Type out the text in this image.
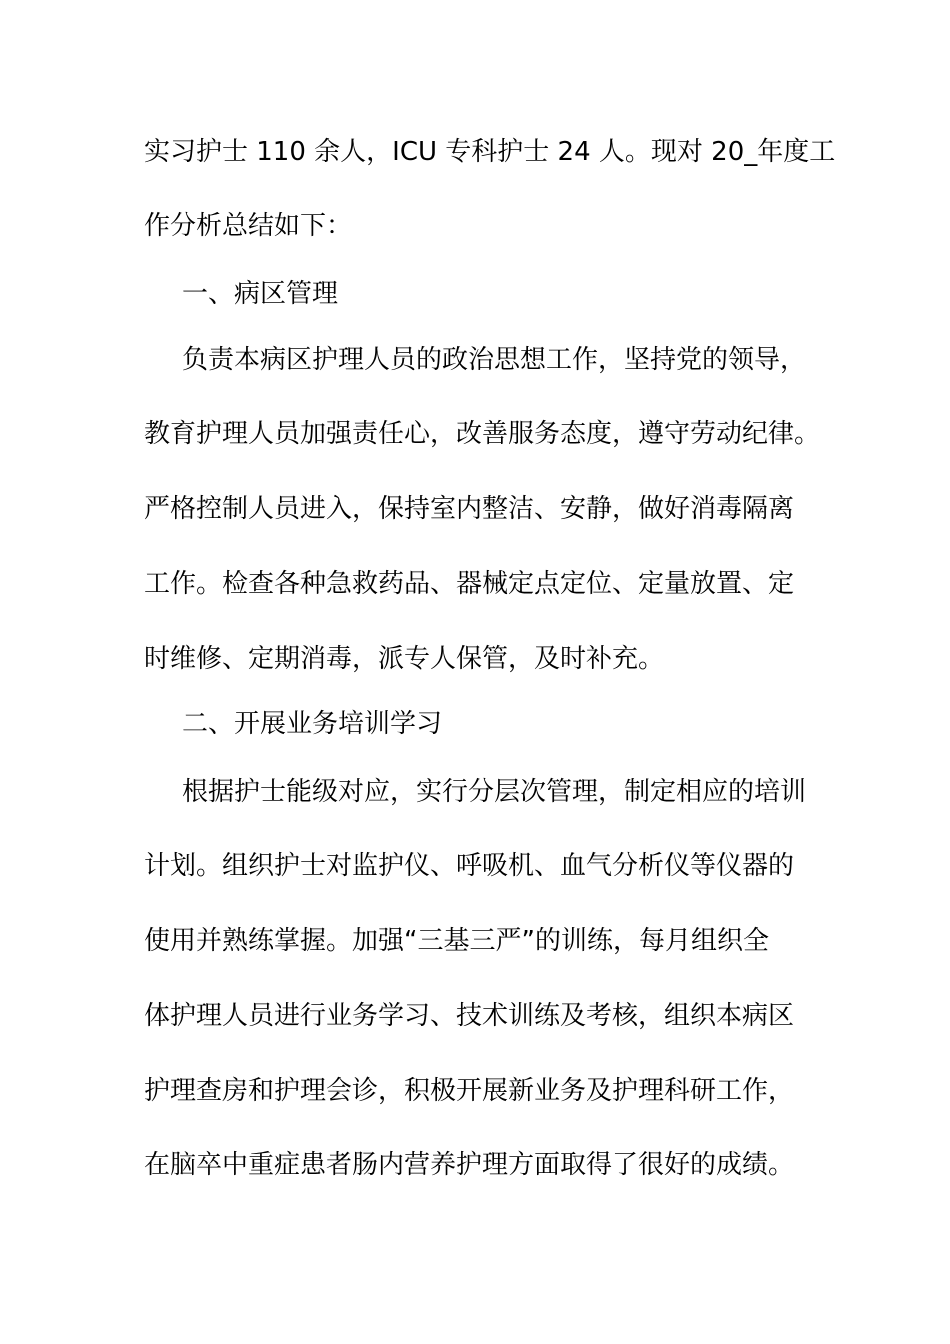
实习护士 110 余人，ICU 专科护士 24 人。现对 20_年度工
作分析总结如下：
一、病区管理
负责本病区护理人员的政治思想工作，坚持党的领导，
教育护理人员加强责任心，改善服务态度，遵守劳动纪律。
严格控制人员进入，保持室内整洁、安静，做好消毒隔离
工作。检查各种急救药品、器械定点定位、定量放置、定
时维修、定期消毒，派专人保管，及时补充。
二、开展业务培训学习
根据护士能级对应，实行分层次管理，制定相应的培训
计划。组织护士对监护仪、呼吸机、血气分析仪等仪器的
使用并熟练掌握。加强“三基三严”的训练，每月组织全
体护理人员进行业务学习、技术训练及考核，组织本病区
护理查房和护理会诊，积极开展新业务及护理科研工作，
在脑卒中重症患者肠内营养护理方面取得了很好的成绩。
